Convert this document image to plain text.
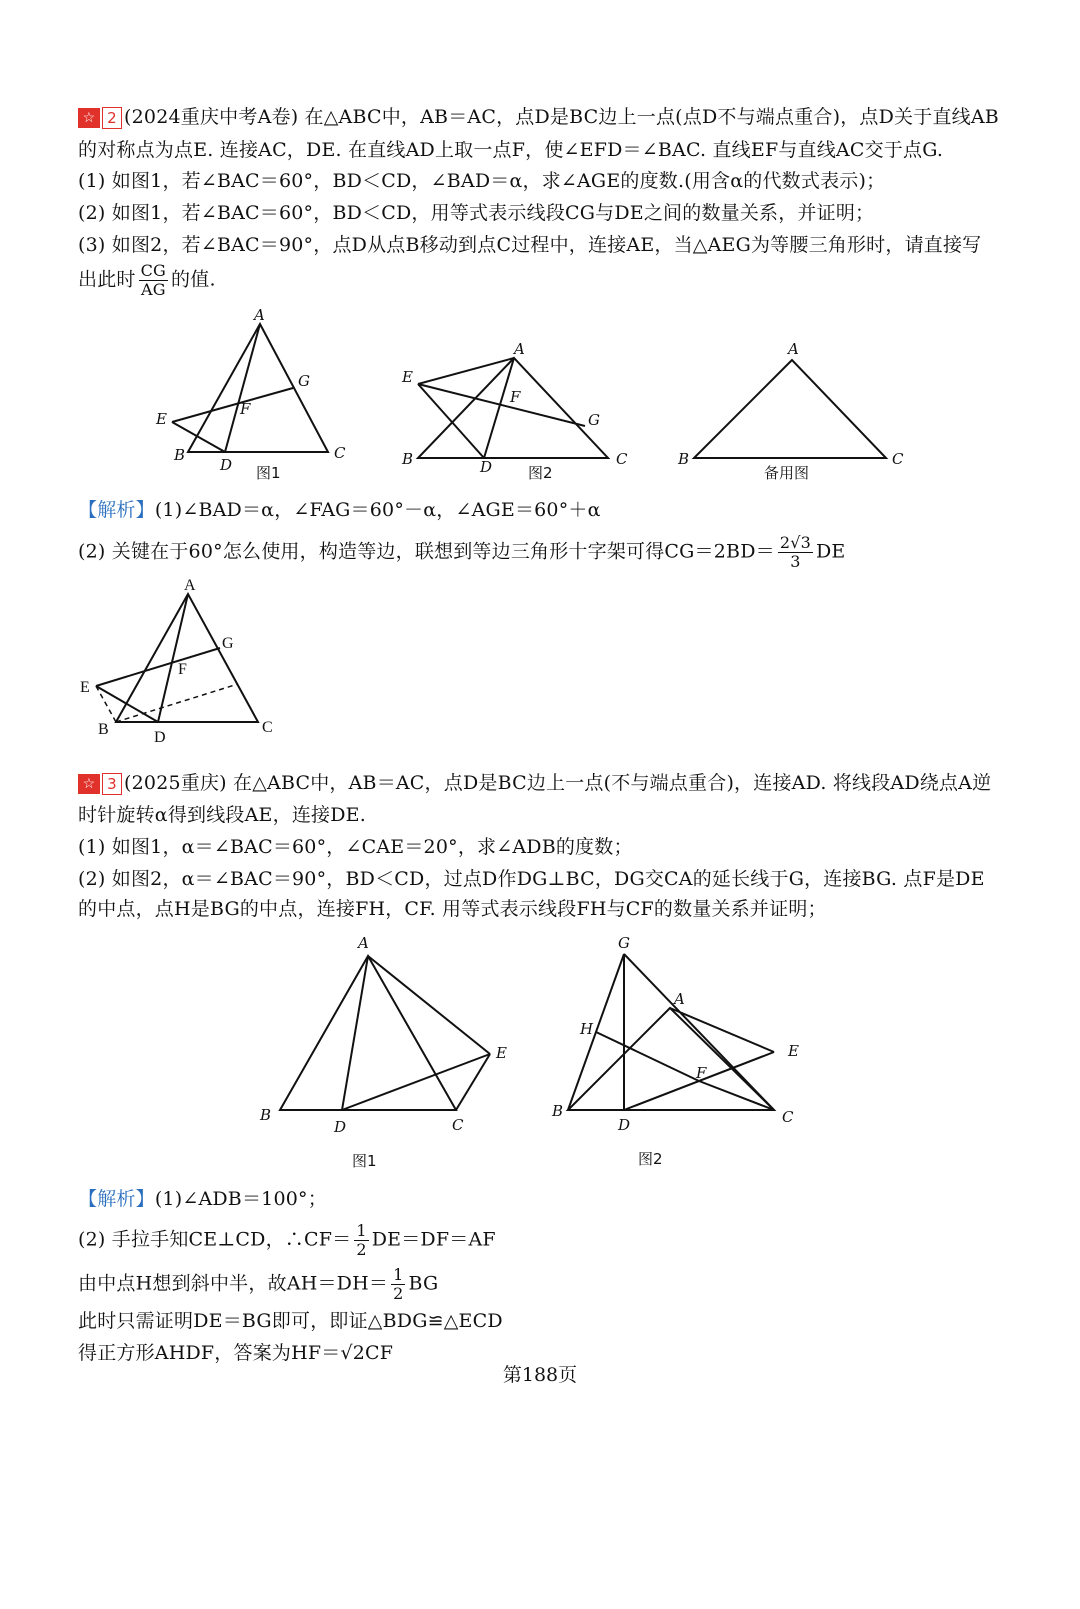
☆ 2 (2024重庆中考A卷) 在△ABC中，AB＝AC，点D是BC边上一点(点D不与端点重合)，点D关于直线AB
的对称点为点E. 连接AC，DE. 在直线AD上取一点F，使∠EFD＝∠BAC. 直线EF与直线AC交于点G.
(1) 如图1，若∠BAC＝60°，BD＜CD，∠BAD＝α，求∠AGE的度数.(用含α的代数式表示)；
(2) 如图1，若∠BAC＝60°，BD＜CD，用等式表示线段CG与DE之间的数量关系，并证明；
(3) 如图2，若∠BAC＝90°，点D从点B移动到点C过程中，连接AE，当△AEG为等腰三角形时，请直接写
出此时 $\frac{CG}{AG}$ 的值.
A
G
F
E
B
D
C
图1
A
E
F
G
B	D	C
图2
A
B	C
备用图
【解析】(1)∠BAD＝α，∠FAG＝60°－α，∠AGE＝60°＋α
(2) 关键在于60°怎么使用，构造等边，联想到等边三角形十字架可得$CG=2BD= \frac{2√3}{3}$ DE
A
G
F
E
B	D
C
☆ 3 (2025重庆) 在△ABC中，AB＝AC，点D是BC边上一点(不与端点重合)，连接AD. 将线段AD绕点A逆
时针旋转α得到线段AE，连接DE.
(1) 如图1，α＝∠BAC＝60°，∠CAE＝20°，求∠ADB的度数；
(2) 如图2，α＝∠BAC＝90°，BD＜CD，过点D作DG⊥BC，DG交CA的延长线于G，连接BG. 点F是DE
的中点，点H是BG的中点，连接FH，CF. 用等式表示线段FH与CF的数量关系并证明；
A
E
B
D	C
图1
G
A
H
E
F
B
D	C
图2
【解析】(1)∠ADB＝100°；
(2) 手拉手知CE⊥CD，∴CF＝ $\frac{1}{2} DE=DF=AF$
由中点H想到斜中半，故$AH=DH= \frac{1}{2}$ BG
此时只需证明DE＝BG即可，即证△BDG≌△ECD
得正方形AHDF，答案为HF＝√2CF
第188页
